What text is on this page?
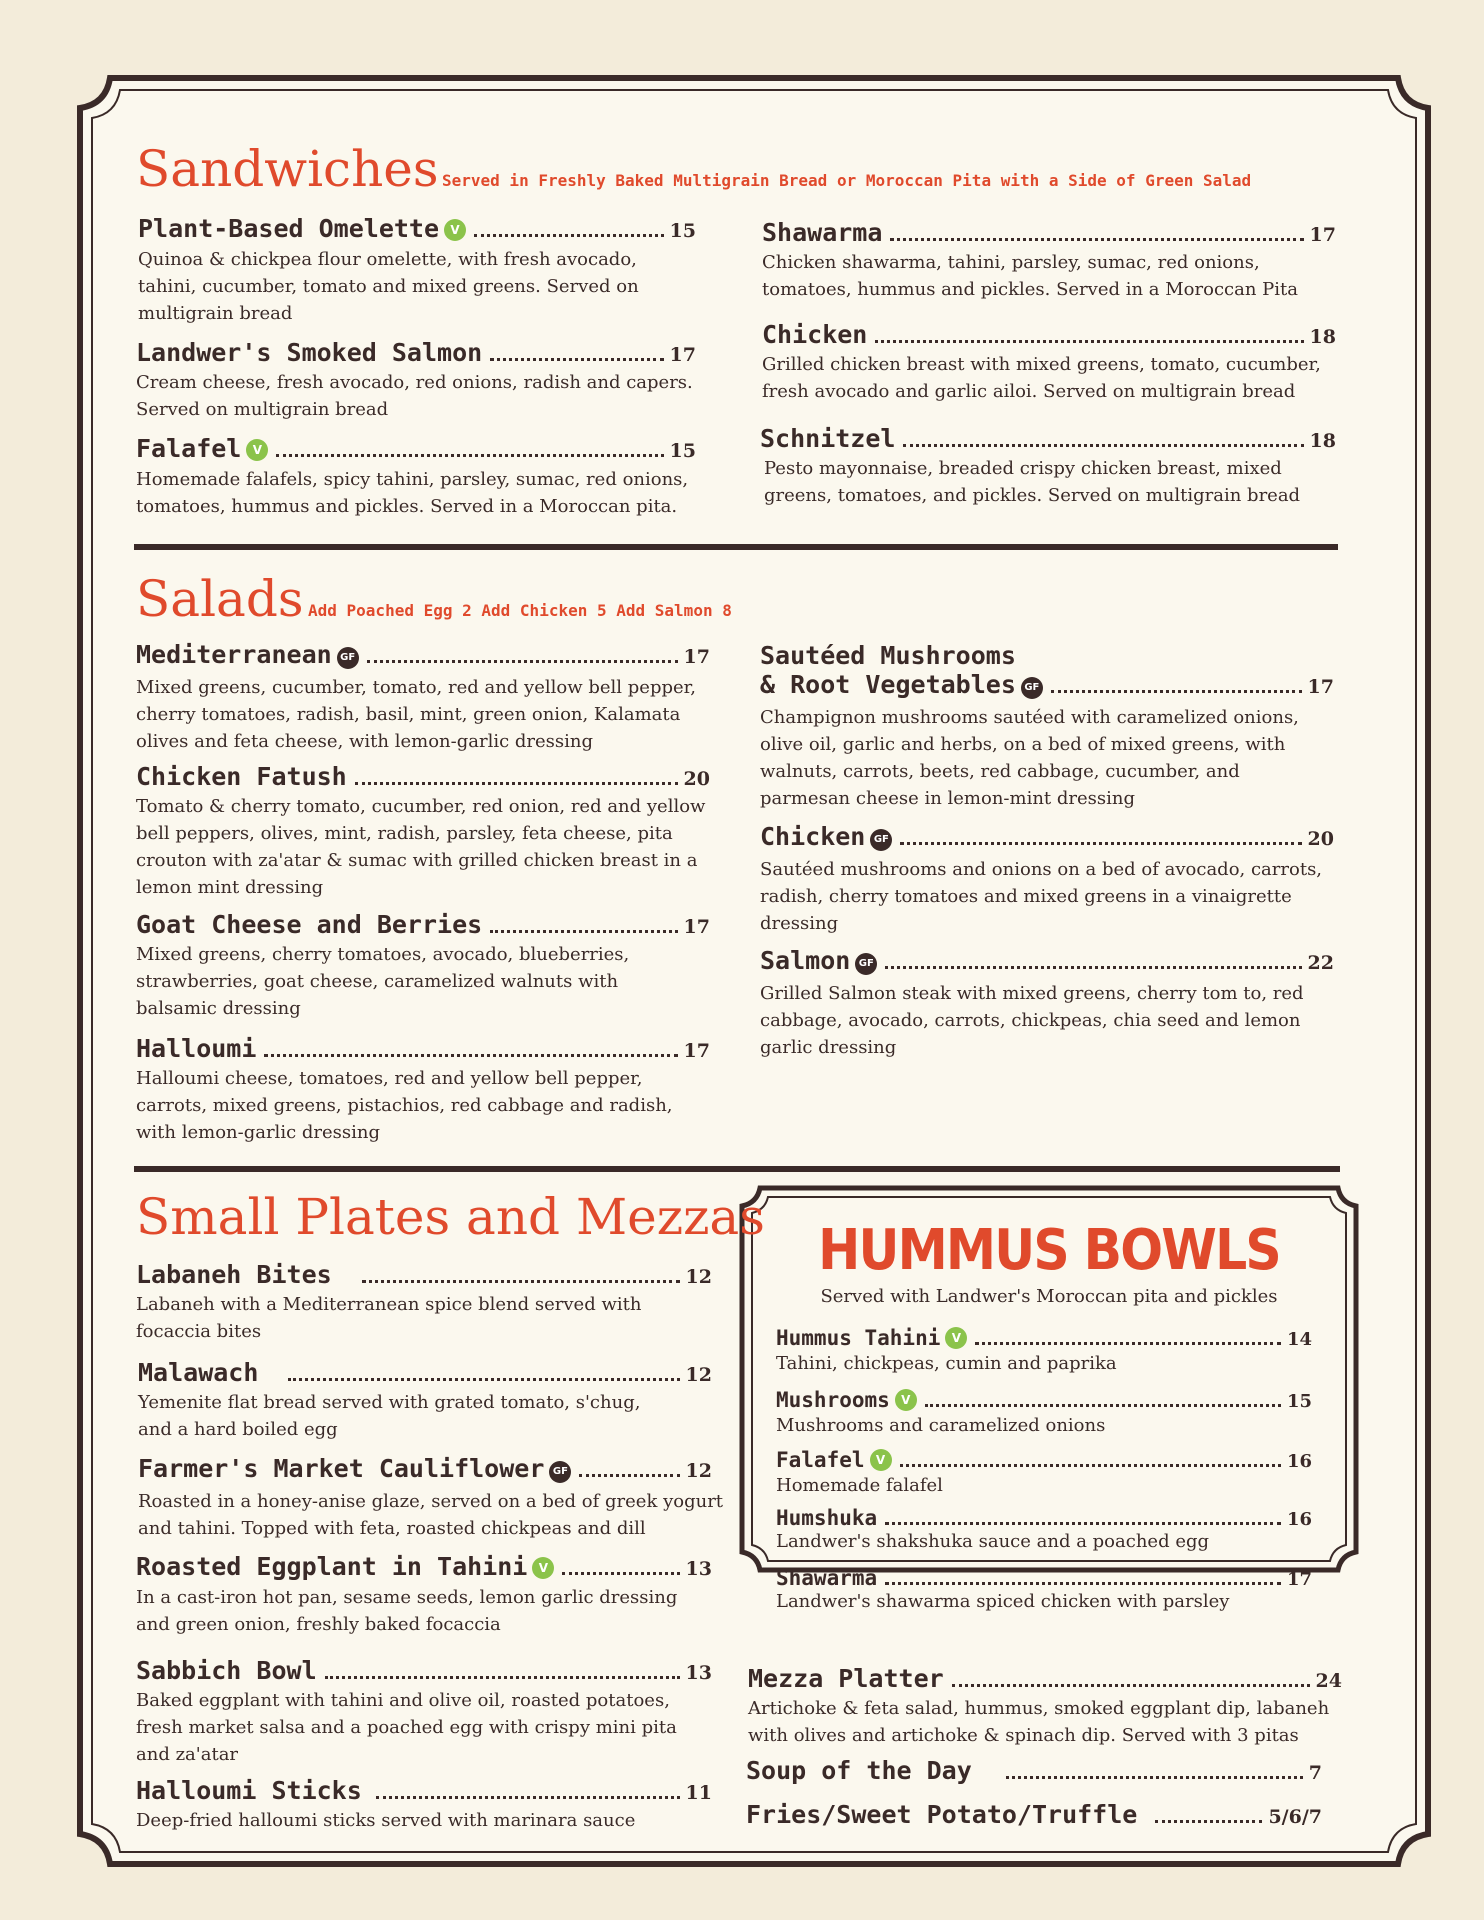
Sandwiches Served in Freshly Baked Multigrain Bread or Moroccan Pita with a Side of Green Salad
Plant-Based Omelette V	15
Quinoa & chickpea flour omelette, with fresh avocado, tahini, cucumber, tomato and mixed greens. Served on multigrain bread
Landwer's Smoked Salmon	17
Cream cheese, fresh avocado, red onions, radish and capers. Served on multigrain bread
Falafel V	15
Homemade falafels, spicy tahini, parsley, sumac, red onions, tomatoes, hummus and pickles. Served in a Moroccan pita.
Shawarma	17
Chicken shawarma, tahini, parsley, sumac, red onions, tomatoes, hummus and pickles. Served in a Moroccan Pita
Chicken	18
Grilled chicken breast with mixed greens, tomato, cucumber, fresh avocado and garlic ailoi. Served on multigrain bread
Schnitzel	18
Pesto mayonnaise, breaded crispy chicken breast, mixed greens, tomatoes, and pickles. Served on multigrain bread
Salads Add Poached Egg 2 Add Chicken 5 Add Salmon 8
Mediterranean GF	17
Mixed greens, cucumber, tomato, red and yellow bell pepper, cherry tomatoes, radish, basil, mint, green onion, Kalamata olives and feta cheese, with lemon-garlic dressing
Chicken Fatush	20
Tomato & cherry tomato, cucumber, red onion, red and yellow bell peppers, olives, mint, radish, parsley, feta cheese, pita crouton with za'atar & sumac with grilled chicken breast in a lemon mint dressing
Goat Cheese and Berries	17
Mixed greens, cherry tomatoes, avocado, blueberries, strawberries, goat cheese, caramelized walnuts with balsamic dressing
Halloumi	17
Halloumi cheese, tomatoes, red and yellow bell pepper, carrots, mixed greens, pistachios, red cabbage and radish, with lemon-garlic dressing
Sautéed Mushrooms
& Root Vegetables GF	17
Champignon mushrooms sautéed with caramelized onions, olive oil, garlic and herbs, on a bed of mixed greens, with walnuts, carrots, beets, red cabbage, cucumber, and parmesan cheese in lemon-mint dressing
Chicken GF	20
Sautéed mushrooms and onions on a bed of avocado, carrots, radish, cherry tomatoes and mixed greens in a vinaigrette dressing
Salmon GF	22
Grilled Salmon steak with mixed greens, cherry tom to, red cabbage, avocado, carrots, chickpeas, chia seed and lemon garlic dressing
Small Plates and Mezzas
Labaneh Bites	12
Labaneh with a Mediterranean spice blend served with focaccia bites
Malawach	12
Yemenite flat bread served with grated tomato, s'chug, and a hard boiled egg
Farmer's Market Cauliflower GF	12
Roasted in a honey-anise glaze, served on a bed of greek yogurt and tahini. Topped with feta, roasted chickpeas and dill
Roasted Eggplant in Tahini V	13
In a cast-iron hot pan, sesame seeds, lemon garlic dressing and green onion, freshly baked focaccia
Sabbich Bowl	13
Baked eggplant with tahini and olive oil, roasted potatoes, fresh market salsa and a poached egg with crispy mini pita and za'atar
Halloumi Sticks	11
Deep-fried halloumi sticks served with marinara sauce
HUMMUS BOWLS
Served with Landwer's Moroccan pita and pickles
Hummus Tahini V	14
Tahini, chickpeas, cumin and paprika
Mushrooms V	15
Mushrooms and caramelized onions
Falafel V	16
Homemade falafel
Humshuka	16
Landwer's shakshuka sauce and a poached egg
Shawarma	17
Landwer's shawarma spiced chicken with parsley
Mezza Platter	24
Artichoke & feta salad, hummus, smoked eggplant dip, labaneh with olives and artichoke & spinach dip. Served with 3 pitas
Soup of the Day	7
Fries/Sweet Potato/Truffle	5/6/7
